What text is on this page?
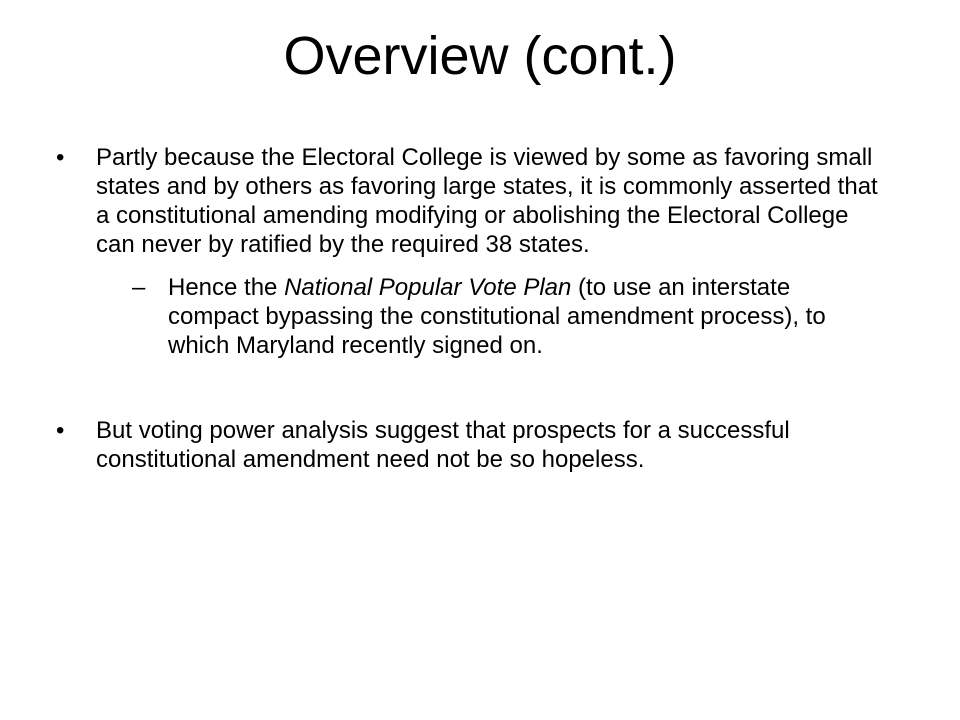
Overview (cont.)
•	Partly because the Electoral College is viewed by some as favoring small states and by others as favoring large states, it is commonly asserted that a constitutional amending modifying or abolishing the Electoral College can never by ratified by the required 38 states.
– Hence the National Popular Vote Plan (to use an interstate compact bypassing the constitutional amendment process), to which Maryland recently signed on.
•	But voting power analysis suggest that prospects for a successful constitutional amendment need not be so hopeless.
